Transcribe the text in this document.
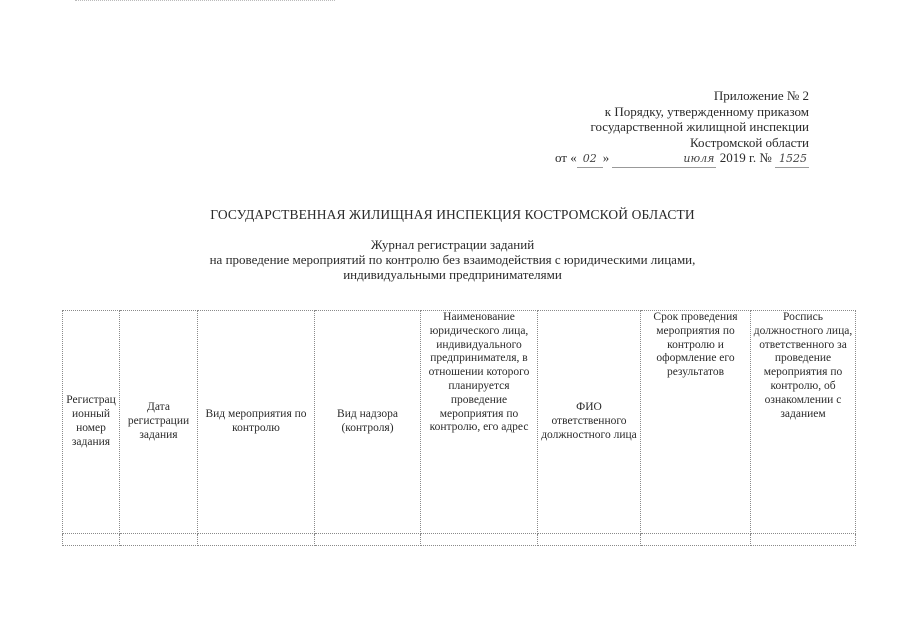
Приложение № 2
к Порядку, утвержденному приказом
государственной жилищной инспекции
Костромской области
от « 02 »	июля 2019 г. № 1525
ГОСУДАРСТВЕННАЯ ЖИЛИЩНАЯ ИНСПЕКЦИЯ КОСТРОМСКОЙ ОБЛАСТИ
Журнал регистрации заданий
на проведение мероприятий по контролю без взаимодействия с юридическими лицами,
индивидуальными предпринимателями
Регистрационный номер задания	Дата регистрации задания	Вид мероприятия по контролю	Вид надзора (контроля)	Наименование юридического лица, индивидуального предпринимателя, в отношении которого планируется проведение мероприятия по контролю, его адрес	ФИО ответственного должностного лица	Срок проведения мероприятия по контролю и оформление его результатов	Роспись должностного лица, ответственного за проведение мероприятия по контролю, об ознакомлении с заданием
